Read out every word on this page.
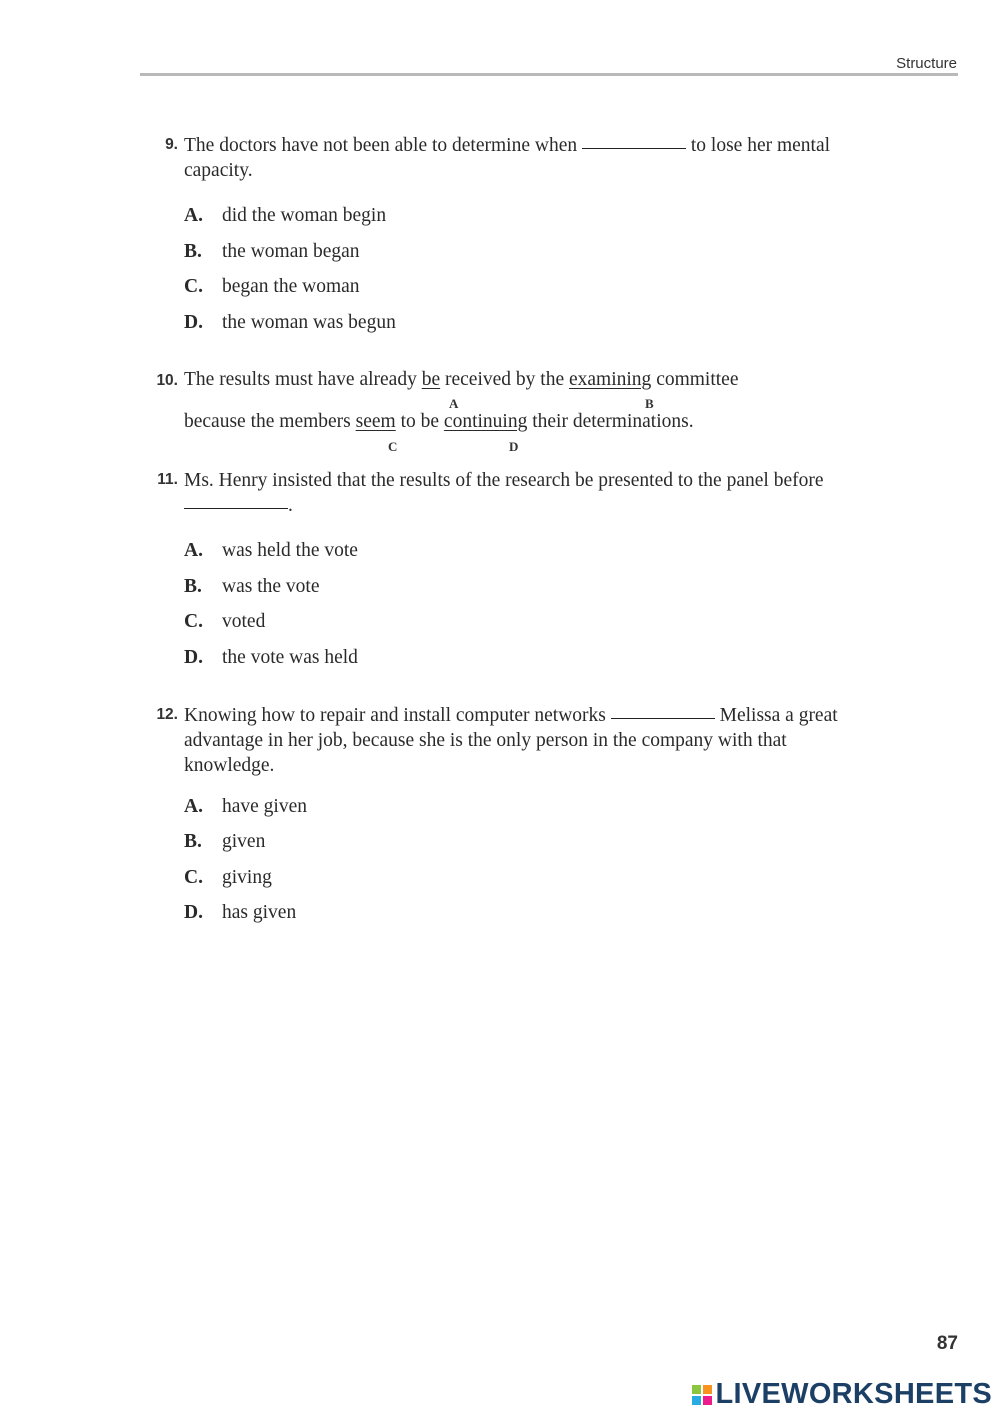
Structure
9. The doctors have not been able to determine when	to lose her mental capacity.
A. did the woman begin
B. the woman began
C. began the woman
D. the woman was begun
10. The results must have already be received by the examining committee
A	B
because the members seem to be continuing their determinations.
C	D
11. Ms. Henry insisted that the results of the research be presented to the panel before .
A. was held the vote
B. was the vote
C. voted
D. the vote was held
12. Knowing how to repair and install computer networks	Melissa a great advantage in her job, because she is the only person in the company with that knowledge.
A. have given
B. given
C. giving
D. has given
87
LIVEWORKSHEETS
